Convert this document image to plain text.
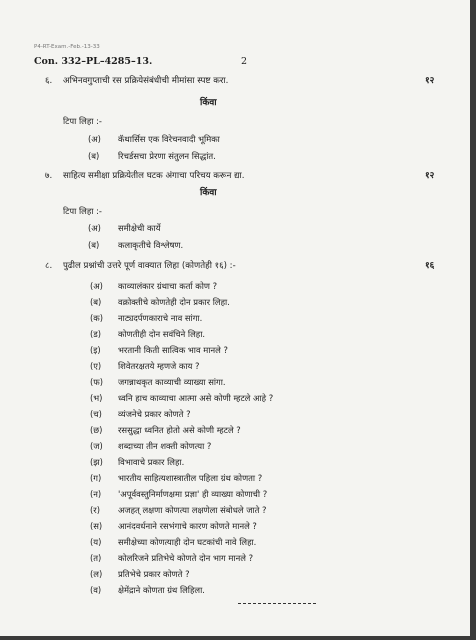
P4-RT-Exam.-Feb.-13-33
Con. 332–PL–4285–13.	2
६. अभिनवगुप्ताची रस प्रक्रियेसंबंधीची मीमांसा स्पष्ट करा.	१२
किंवा
टिपा लिहा :-
(अ) कॅथार्सिस एक विरेचनवादी भूमिका
(ब) रिचर्डसचा प्रेरणा संतुलन सिद्धांत.
७. साहित्य समीक्षा प्रक्रियेतील घटक अंगाचा परिचय करून द्या.	१२
किंवा
टिपा लिहा :-
(अ) समीक्षेची कार्ये
(ब) कलाकृतीचे विश्लेषण.
८. पुढील प्रश्नांची उत्तरे पूर्ण वाक्यात लिहा (कोणतेही १६) :-	१६
(अ) काव्यालंकार ग्रंथाचा कर्ता कोण ?
(ब) वक्रोक्तीचे कोणतेही दोन प्रकार लिहा.
(क) नाट्यदर्पणकाराचे नाव सांगा.
(ड) कोणतीही दोन सवंचिने लिहा.
(इ) भरतानी किती सात्विक भाव मानले ?
(ए) शिवेतरक्षतये म्हणजे काय ?
(फ) जगन्नाथकृत काव्याची व्याख्या सांगा.
(भ) ध्वनि हाच काव्याचा आत्मा असे कोणी म्हटले आहे ?
(च) व्यंजनेचे प्रकार कोणते ?
(छ) रससुद्धा ध्वनित होतो असे कोणी म्हटले ?
(ज) शब्दाच्या तीन शक्ती कोणत्या ?
(झ) विभावाचे प्रकार लिहा.
(ग) भारतीय साहित्यशास्त्रातील पहिला ग्रंथ कोणता ?
(न) 'अपूर्ववस्तुनिर्माणक्षमा प्रज्ञा' ही व्याख्या कोणाची ?
(र) अजहत् लक्षणा कोणत्या लक्षणेला संबोधले जाते ?
(स) आनंदवर्धनाने रसभंगाचे कारण कोणते मानले ?
(य) समीक्षेच्या कोणत्याही दोन घटकांची नावे लिहा.
(त) कोलरिजने प्रतिभेचे कोणते दोन भाग मानले ?
(ल) प्रतिभेचे प्रकार कोणते ?
(व) क्षेमेंद्राने कोणता ग्रंथ लिहिला.
